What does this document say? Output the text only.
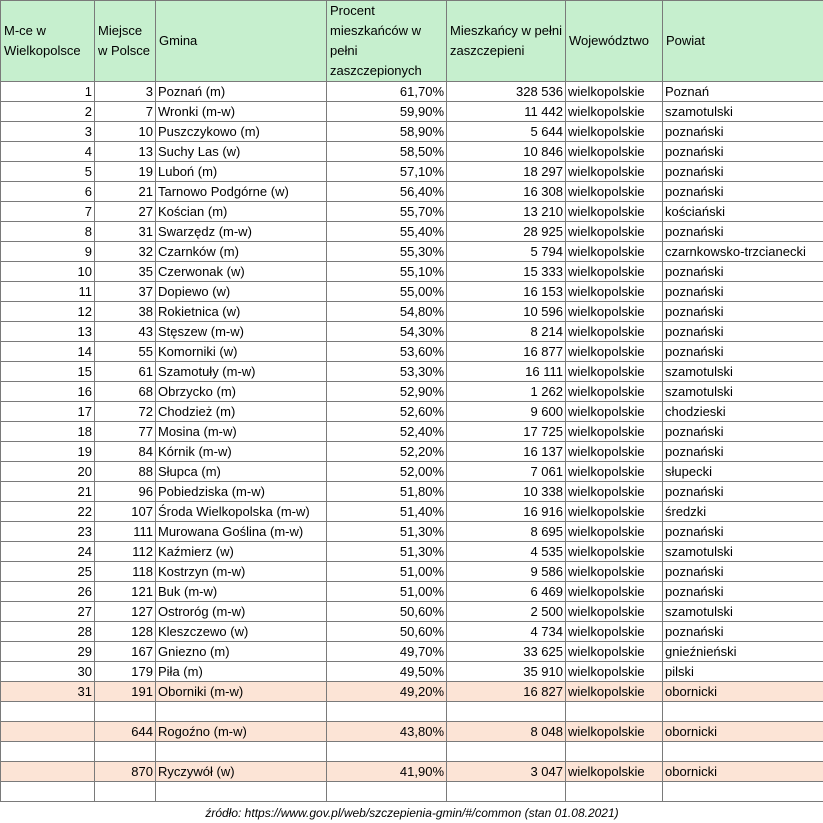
M-ce w Wielkopolsce	Miejsce w Polsce	Gmina	Procent mieszkańców w pełni zaszczepionych	Mieszkańcy w pełni zaszczepieni	Województwo	Powiat
1	3	Poznań (m)	61,70%	328 536	wielkopolskie	Poznań
2	7	Wronki (m-w)	59,90%	11 442	wielkopolskie	szamotulski
3	10	Puszczykowo (m)	58,90%	5 644	wielkopolskie	poznański
4	13	Suchy Las (w)	58,50%	10 846	wielkopolskie	poznański
5	19	Luboń (m)	57,10%	18 297	wielkopolskie	poznański
6	21	Tarnowo Podgórne (w)	56,40%	16 308	wielkopolskie	poznański
7	27	Kościan (m)	55,70%	13 210	wielkopolskie	kościański
8	31	Swarzędz (m-w)	55,40%	28 925	wielkopolskie	poznański
9	32	Czarnków (m)	55,30%	5 794	wielkopolskie	czarnkowsko-trzcianecki
10	35	Czerwonak (w)	55,10%	15 333	wielkopolskie	poznański
11	37	Dopiewo (w)	55,00%	16 153	wielkopolskie	poznański
12	38	Rokietnica (w)	54,80%	10 596	wielkopolskie	poznański
13	43	Stęszew (m-w)	54,30%	8 214	wielkopolskie	poznański
14	55	Komorniki (w)	53,60%	16 877	wielkopolskie	poznański
15	61	Szamotuły (m-w)	53,30%	16 111	wielkopolskie	szamotulski
16	68	Obrzycko (m)	52,90%	1 262	wielkopolskie	szamotulski
17	72	Chodzież (m)	52,60%	9 600	wielkopolskie	chodzieski
18	77	Mosina (m-w)	52,40%	17 725	wielkopolskie	poznański
19	84	Kórnik (m-w)	52,20%	16 137	wielkopolskie	poznański
20	88	Słupca (m)	52,00%	7 061	wielkopolskie	słupecki
21	96	Pobiedziska (m-w)	51,80%	10 338	wielkopolskie	poznański
22	107	Środa Wielkopolska (m-w)	51,40%	16 916	wielkopolskie	średzki
23	111	Murowana Goślina (m-w)	51,30%	8 695	wielkopolskie	poznański
24	112	Kaźmierz (w)	51,30%	4 535	wielkopolskie	szamotulski
25	118	Kostrzyn (m-w)	51,00%	9 586	wielkopolskie	poznański
26	121	Buk (m-w)	51,00%	6 469	wielkopolskie	poznański
27	127	Ostroróg (m-w)	50,60%	2 500	wielkopolskie	szamotulski
28	128	Kleszczewo (w)	50,60%	4 734	wielkopolskie	poznański
29	167	Gniezno (m)	49,70%	33 625	wielkopolskie	gnieźnieński
30	179	Piła (m)	49,50%	35 910	wielkopolskie	pilski
31	191	Oborniki (m-w)	49,20%	16 827	wielkopolskie	obornicki

	644	Rogoźno (m-w)	43,80%	8 048	wielkopolskie	obornicki

	870	Ryczywół (w)	41,90%	3 047	wielkopolskie	obornicki

źródło: https://www.gov.pl/web/szczepienia-gmin/#/common (stan 01.08.2021)						
